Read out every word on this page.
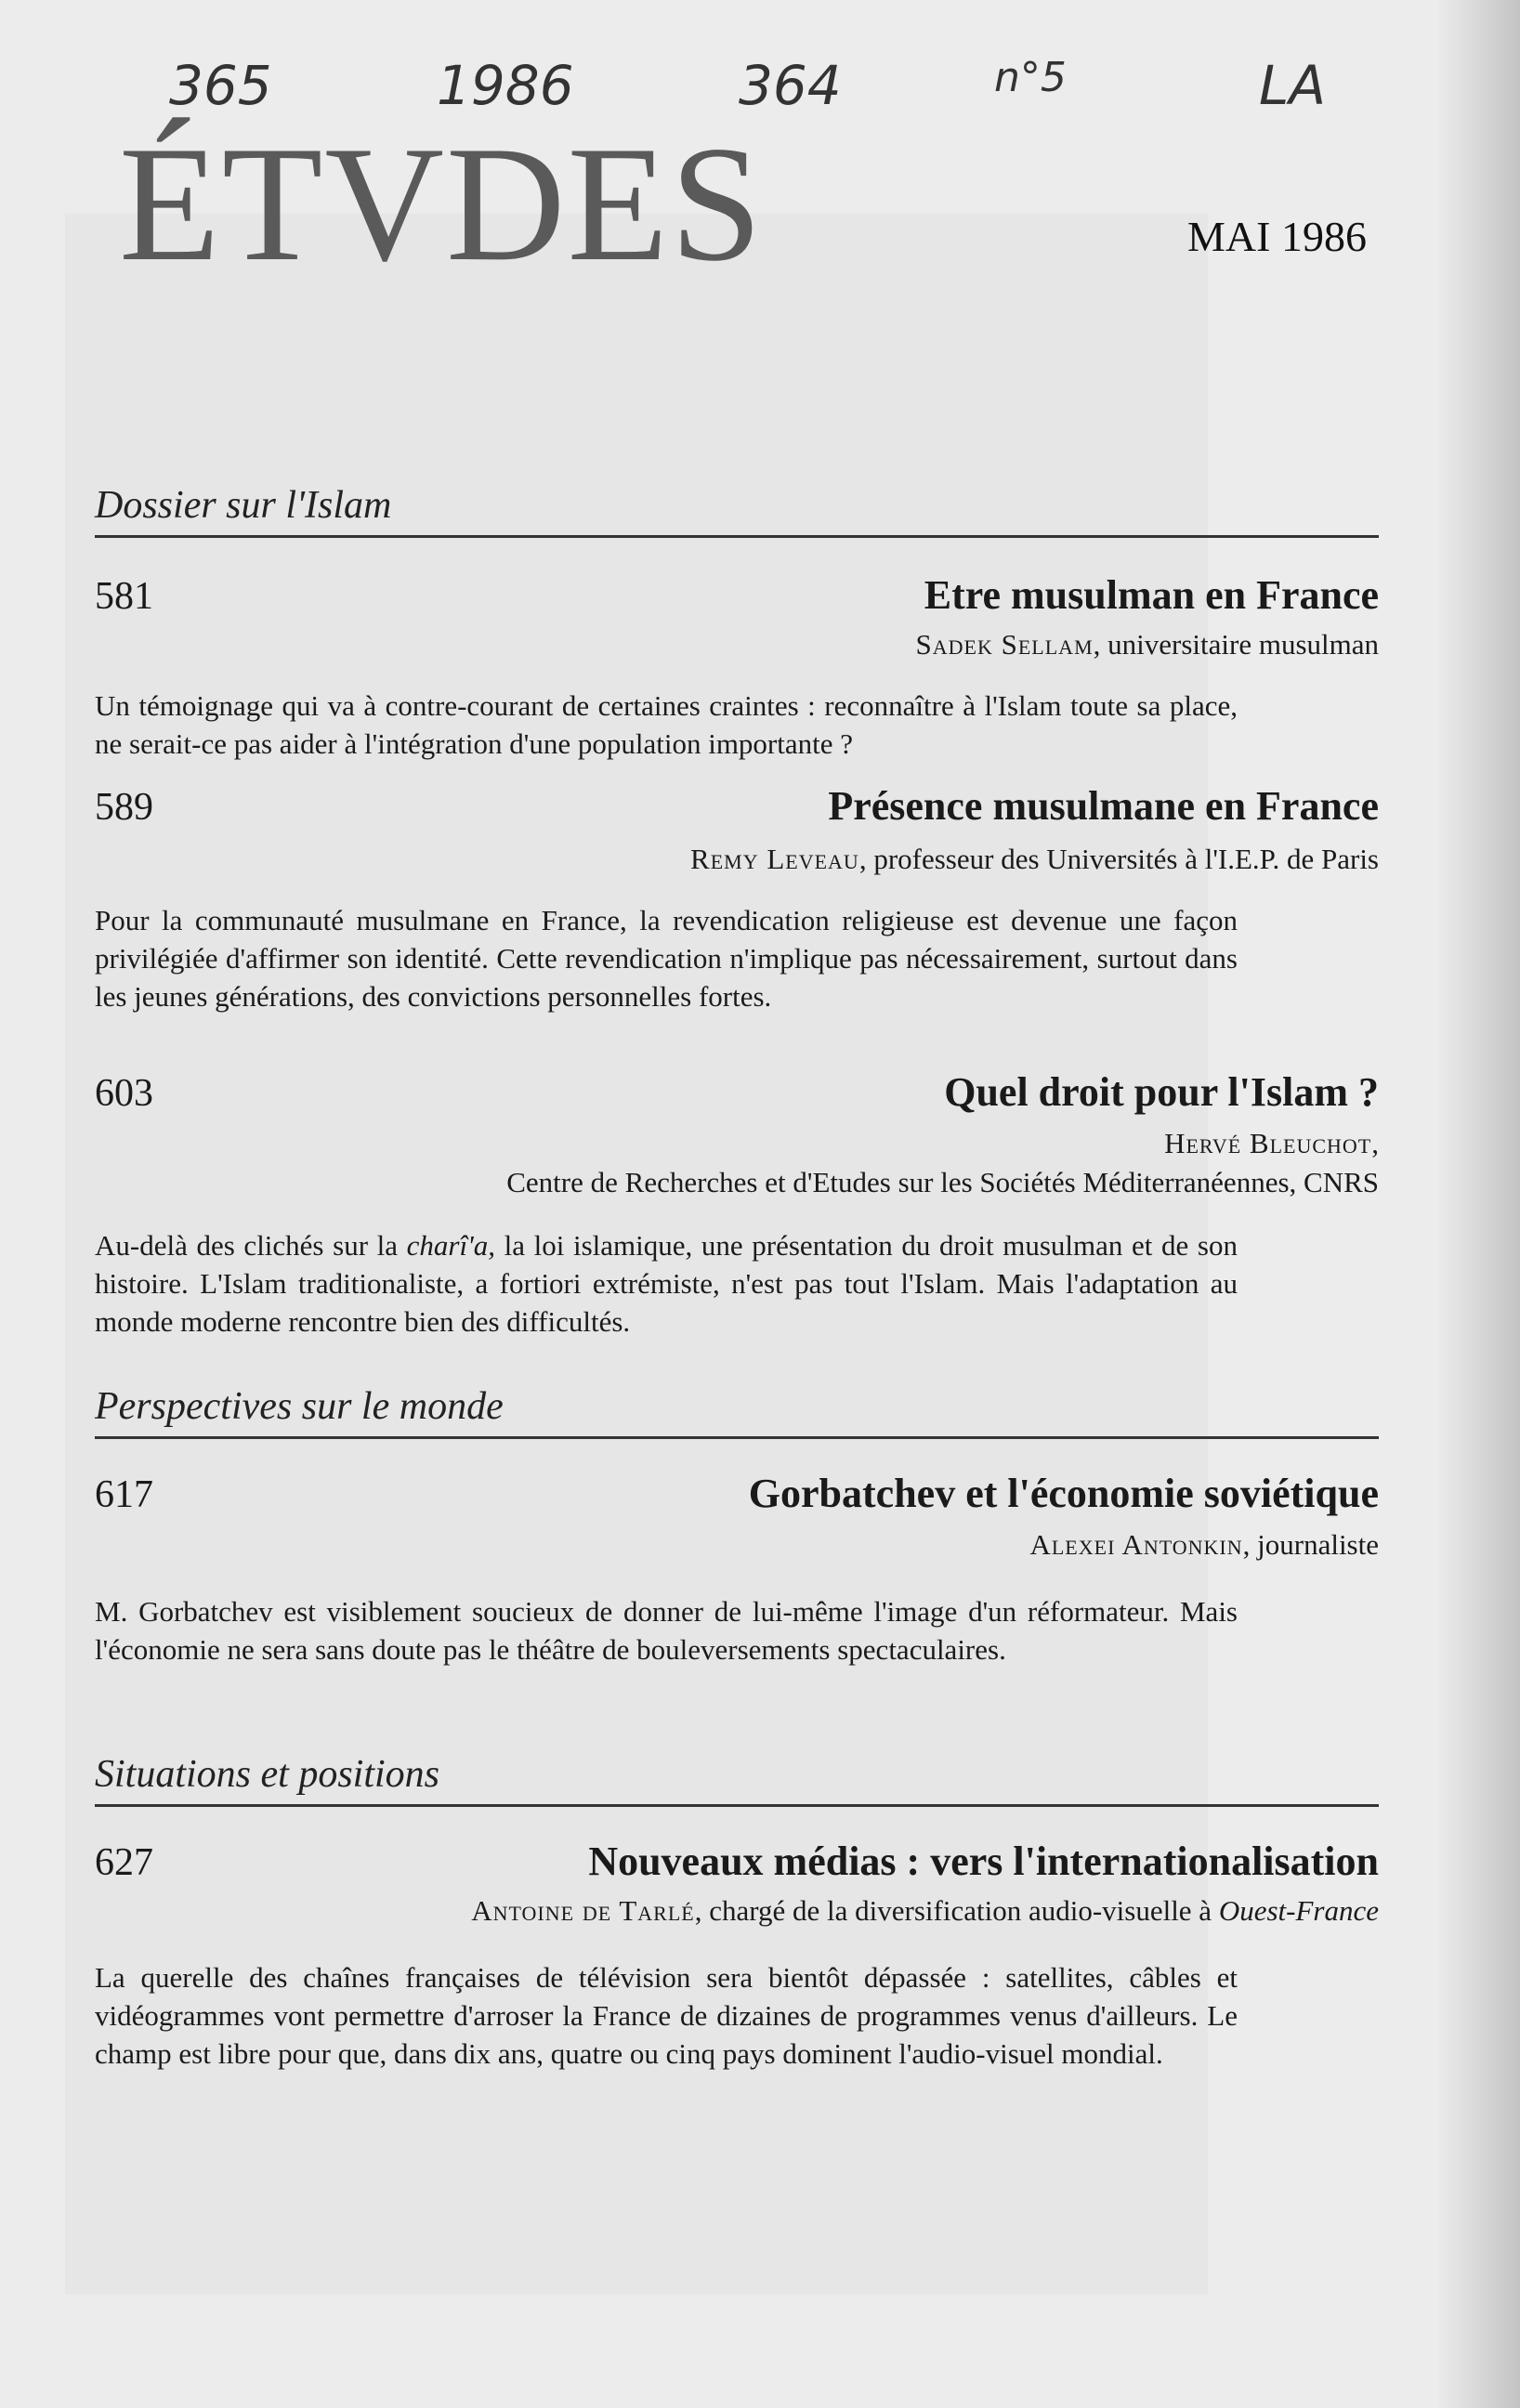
365	1986	364	n°5	LA
ÉTVDES	MAI 1986
Dossier sur l'Islam
581	Etre musulman en France
Sadek Sellam, universitaire musulman

Un témoignage qui va à contre-courant de certaines craintes : reconnaître à l'Islam toute sa place, ne serait-ce pas aider à l'intégration d'une population importante ?

589	Présence musulmane en France
Remy Leveau, professeur des Universités à l'I.E.P. de Paris

Pour la communauté musulmane en France, la revendication religieuse est devenue une façon privilégiée d'affirmer son identité. Cette revendication n'implique pas nécessairement, surtout dans les jeunes générations, des convictions personnelles fortes.

603	Quel droit pour l'Islam ?
Hervé Bleuchot,
Centre de Recherches et d'Etudes sur les Sociétés Méditerranéennes, CNRS

Au-delà des clichés sur la charî'a, la loi islamique, une présentation du droit musulman et de son histoire. L'Islam traditionaliste, a fortiori extrémiste, n'est pas tout l'Islam. Mais l'adaptation au monde moderne rencontre bien des difficultés.

Perspectives sur le monde
617	Gorbatchev et l'économie soviétique
Alexei Antonkin, journaliste

M. Gorbatchev est visiblement soucieux de donner de lui-même l'image d'un réformateur. Mais l'économie ne sera sans doute pas le théâtre de bouleversements spectaculaires.

Situations et positions
627	Nouveaux médias : vers l'internationalisation
Antoine de Tarlé, chargé de la diversification audio-visuelle à Ouest-France

La querelle des chaînes françaises de télévision sera bientôt dépassée : satellites, câbles et vidéogrammes vont permettre d'arroser la France de dizaines de programmes venus d'ailleurs. Le champ est libre pour que, dans dix ans, quatre ou cinq pays dominent l'audio-visuel mondial.
